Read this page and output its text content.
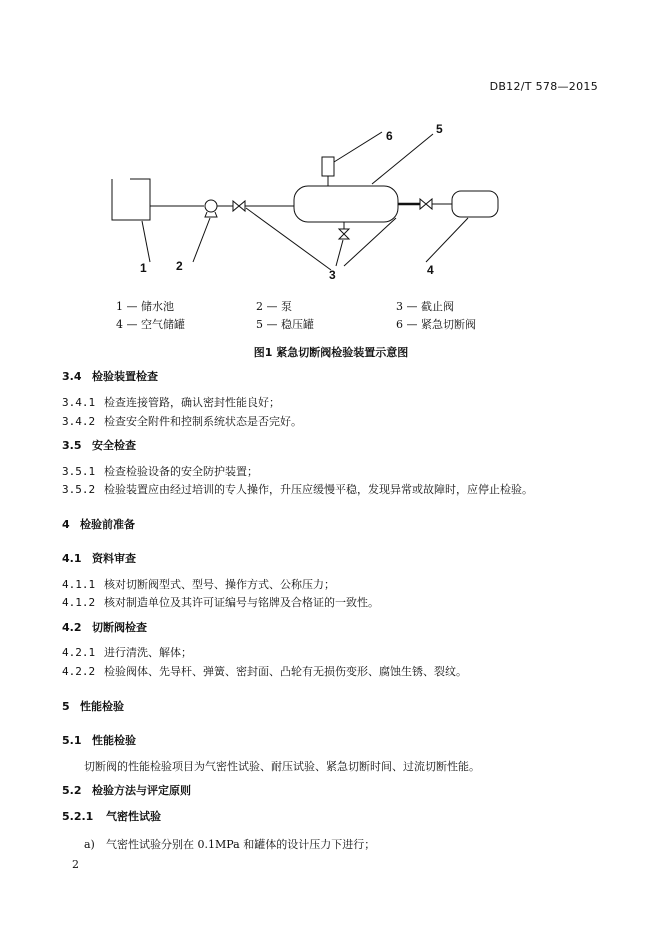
DB12/T 578—2015
1 2
3	4
5
6
1 — 储水池	2 — 泵	3 — 截止阀
4 — 空气储罐	5 — 稳压罐	6 — 紧急切断阀
图1 紧急切断阀检验装置示意图
3.4 检验装置检查
3.4.1 检查连接管路，确认密封性能良好；
3.4.2 检查安全附件和控制系统状态是否完好。
3.5 安全检查
3.5.1 检查检验设备的安全防护装置；
3.5.2 检验装置应由经过培训的专人操作，升压应缓慢平稳，发现异常或故障时，应停止检验。
4 检验前准备
4.1 资料审查
4.1.1 核对切断阀型式、型号、操作方式、公称压力；
4.1.2 核对制造单位及其许可证编号与铭牌及合格证的一致性。
4.2 切断阀检查
4.2.1 进行清洗、解体；
4.2.2 检验阀体、先导杆、弹簧、密封面、凸轮有无损伤变形、腐蚀生锈、裂纹。
5 性能检验
5.1 性能检验
切断阀的性能检验项目为气密性试验、耐压试验、紧急切断时间、过流切断性能。
5.2 检验方法与评定原则
5.2.1 气密性试验
a) 气密性试验分别在 0.1MPa 和罐体的设计压力下进行；
2
